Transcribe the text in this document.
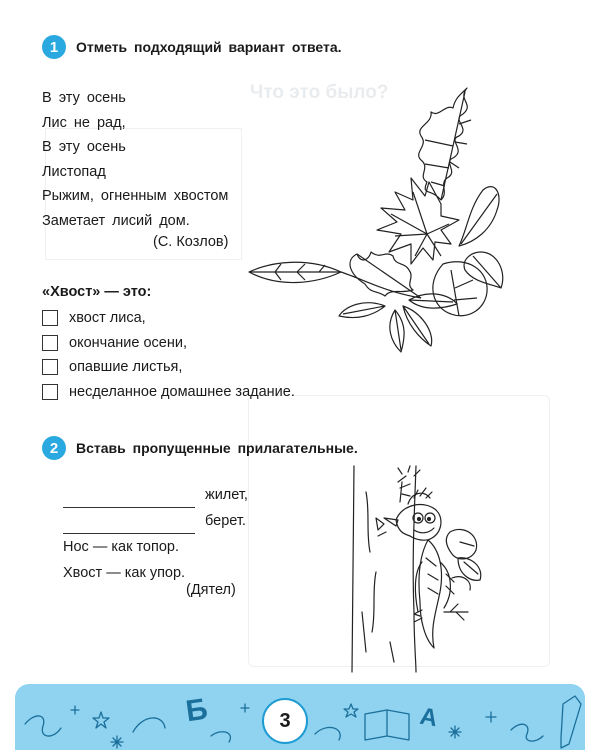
Что это было?
1	Отметь подходящий вариант ответа.
В эту осень
Лис не рад,
В эту осень
Листопад
Рыжим, огненным хвостом
Заметает лисий дом.
(С. Козлов)
«Хвост» — это:
хвост лиса,
окончание осени,
опавшие листья,
несделанное домашнее задание.
2	Вставь пропущенные прилагательные.
жилет,
берет.
Нос — как топор.
Хвост — как упор.
(Дятел)
Б	А
3
